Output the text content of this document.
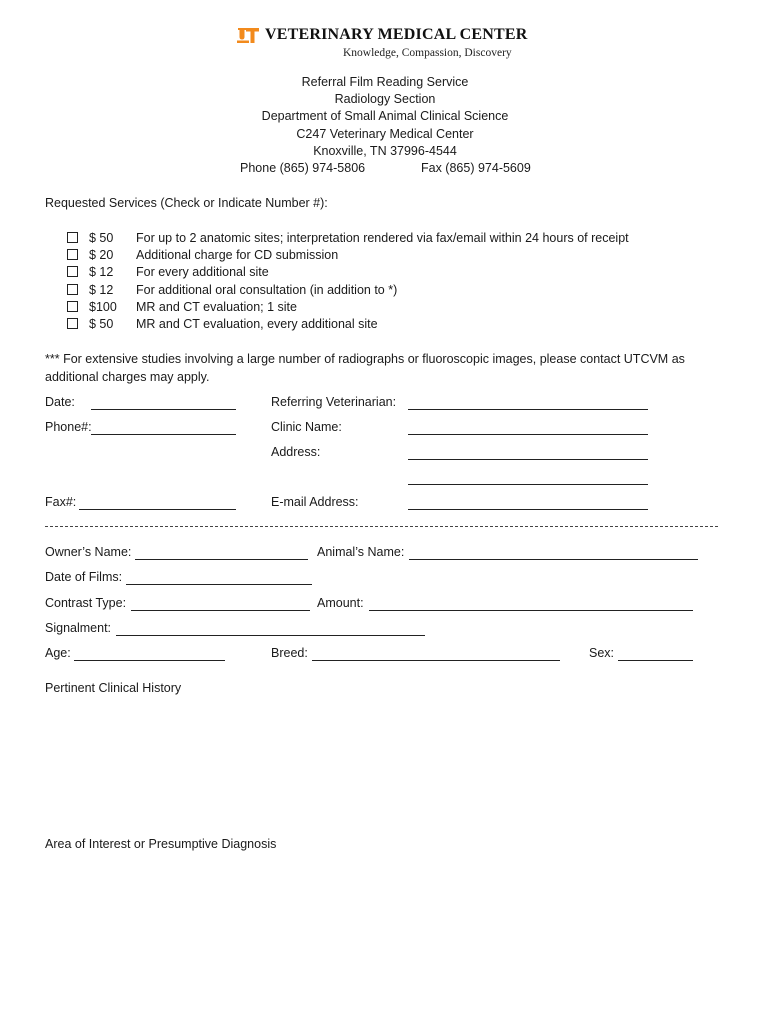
VETERINARY MEDICAL CENTER
Knowledge, Compassion, Discovery
Referral Film Reading Service
Radiology Section
Department of Small Animal Clinical Science
C247 Veterinary Medical Center
Knoxville, TN 37996-4544
Phone (865) 974-5806	Fax (865) 974-5609
Requested Services (Check or Indicate Number #):
$ 50 For up to 2 anatomic sites; interpretation rendered via fax/email within 24 hours of receipt
$ 20 Additional charge for CD submission
$ 12 For every additional site
$ 12 For additional oral consultation (in addition to *)
$100 MR and CT evaluation; 1 site
$ 50 MR and CT evaluation, every additional site
*** For extensive studies involving a large number of radiographs or fluoroscopic images, please contact UTCVM as
additional charges may apply.
Date:	Referring Veterinarian:
Phone#:	Clinic Name:
Address:
Fax#:	E-mail Address:
Owner’s Name:	Animal’s Name:
Date of Films:
Contrast Type:	Amount:
Signalment:
Age:	Breed:	Sex:
Pertinent Clinical History
Area of Interest or Presumptive Diagnosis
